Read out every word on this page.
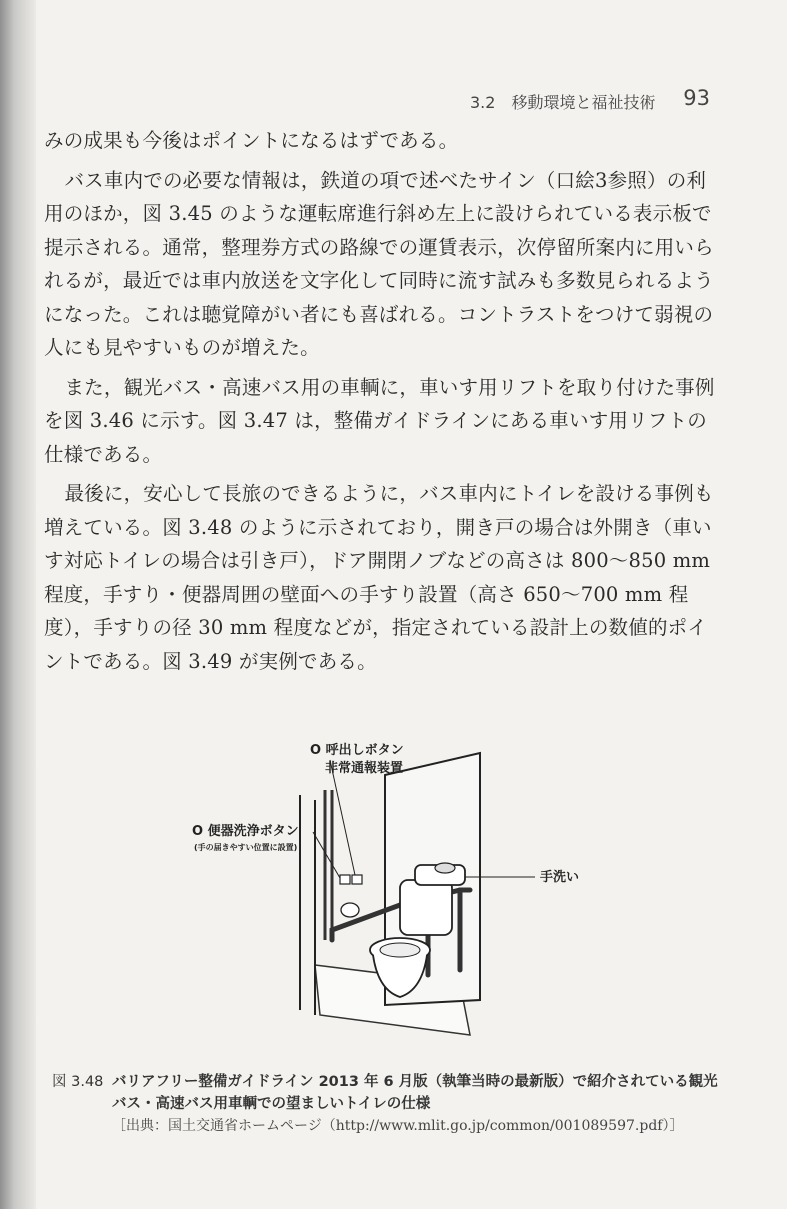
3.2　移動環境と福祉技術 93

みの成果も今後はポイントになるはずである。

バス車内での必要な情報は，鉄道の項で述べたサイン（口絵3参照）の利用のほか，図 3.45 のような運転席進行斜め左上に設けられている表示板で提示される。通常，整理券方式の路線での運賃表示，次停留所案内に用いられるが，最近では車内放送を文字化して同時に流す試みも多数見られるようになった。これは聴覚障がい者にも喜ばれる。コントラストをつけて弱視の人にも見やすいものが増えた。

また，観光バス・高速バス用の車輌に，車いす用リフトを取り付けた事例を図 3.46 に示す。図 3.47 は，整備ガイドラインにある車いす用リフトの仕様である。

最後に，安心して長旅のできるように，バス車内にトイレを設ける事例も増えている。図 3.48 のように示されており，開き戸の場合は外開き（車いす対応トイレの場合は引き戸），ドア開閉ノブなどの高さは 800～850 mm 程度，手すり・便器周囲の壁面への手すり設置（高さ 650～700 mm 程度），手すりの径 30 mm 程度などが，指定されている設計上の数値的ポイントである。図 3.49 が実例である。

O 呼出しボタン
非常通報装置
O 便器洗浄ボタン
(手の届きやすい位置に設置)
手洗い
図 3.48 バリアフリー整備ガイドライン 2013 年 6 月版（執筆当時の最新版）で紹介されている観光
バス・高速バス用車輌での望ましいトイレの仕様
［出典：国土交通省ホームページ（http://www.mlit.go.jp/common/001089597.pdf）］
